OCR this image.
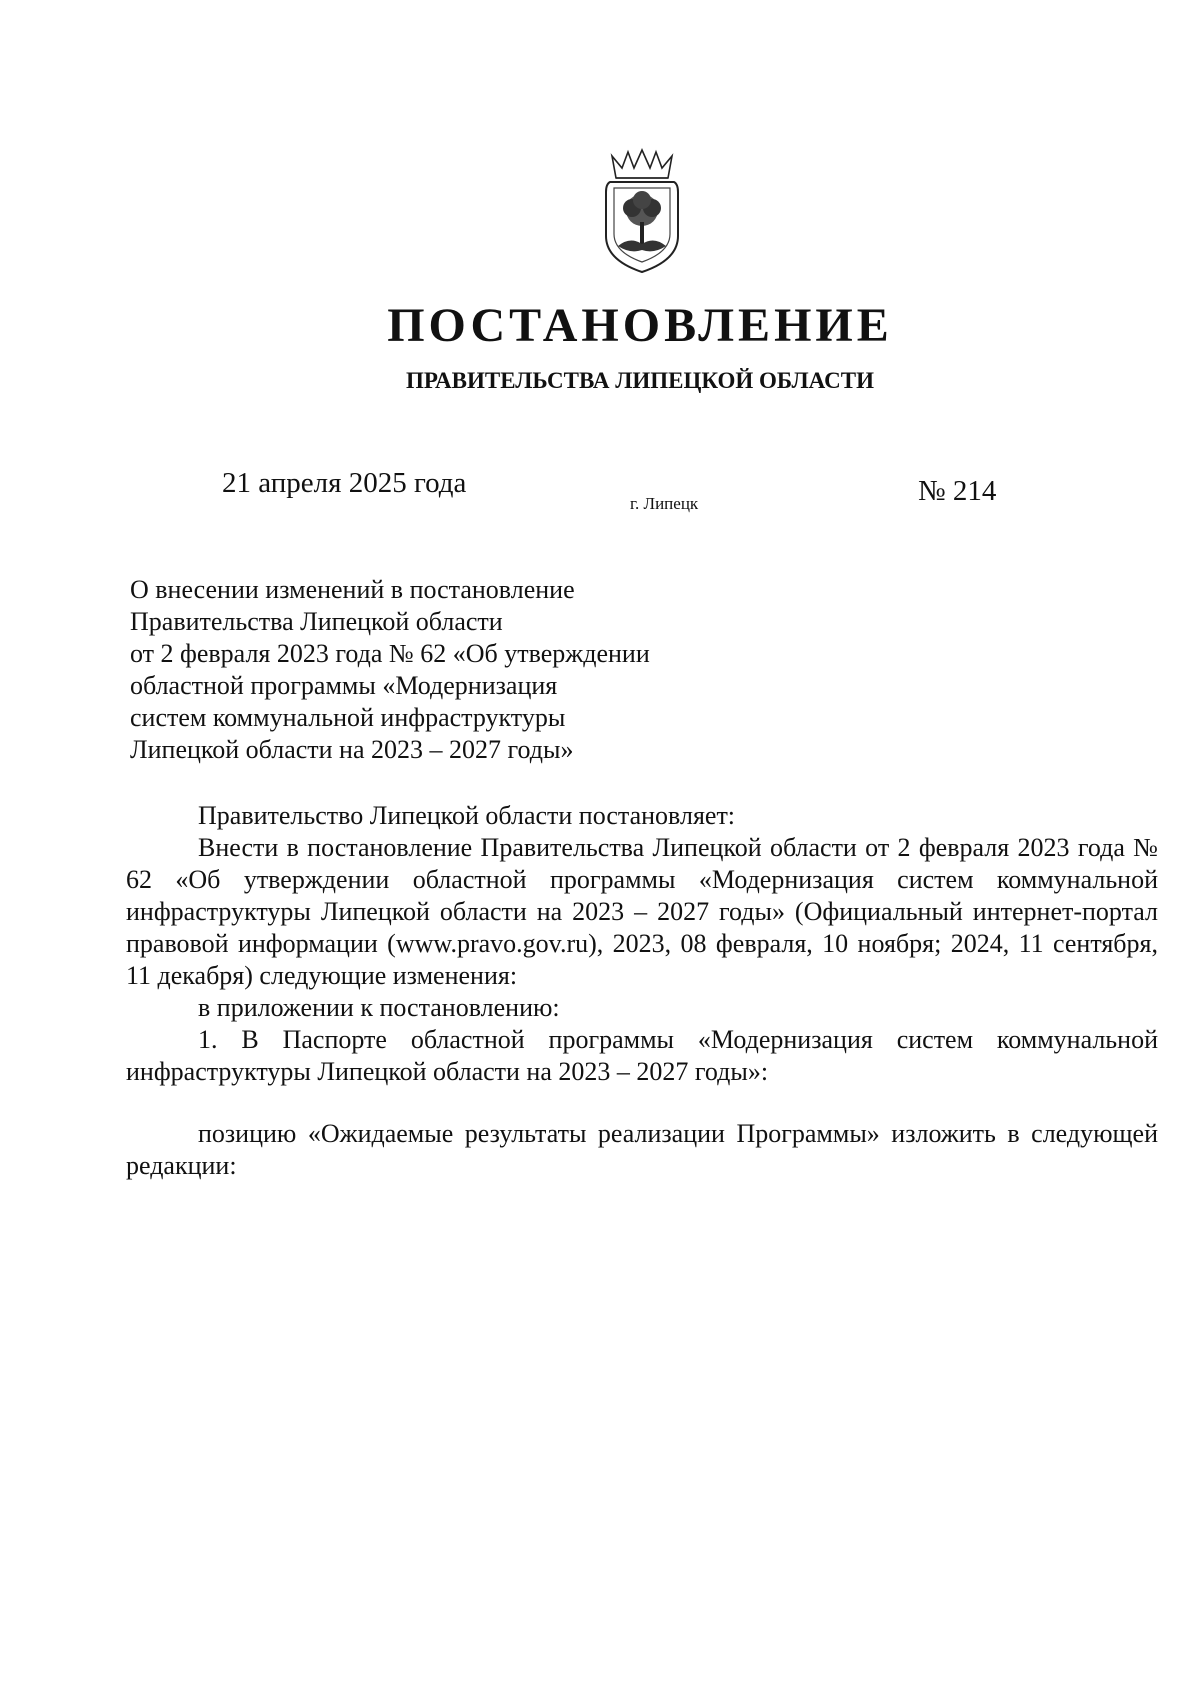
ПОСТАНОВЛЕНИЕ
ПРАВИТЕЛЬСТВА ЛИПЕЦКОЙ ОБЛАСТИ
21 апреля 2025 года
г. Липецк	№ 214
О внесении изменений в постановление
Правительства Липецкой области
от 2 февраля 2023 года № 62 «Об утверждении
областной программы «Модернизация
систем коммунальной инфраструктуры
Липецкой области на 2023 – 2027 годы»

Правительство Липецкой области постановляет:

Внести в постановление Правительства Липецкой области от 2 февраля 2023 года № 62 «Об утверждении областной программы «Модернизация систем коммунальной инфраструктуры Липецкой области на 2023 – 2027 годы» (Официальный интернет-портал правовой информации (www.pravo.gov.ru), 2023, 08 февраля, 10 ноября; 2024, 11 сентября, 11 декабря) следующие изменения:

в приложении к постановлению:

1. В Паспорте областной программы «Модернизация систем коммунальной инфраструктуры Липецкой области на 2023 – 2027 годы»:

позицию «Ожидаемые результаты реализации Программы» изложить в следующей редакции:
